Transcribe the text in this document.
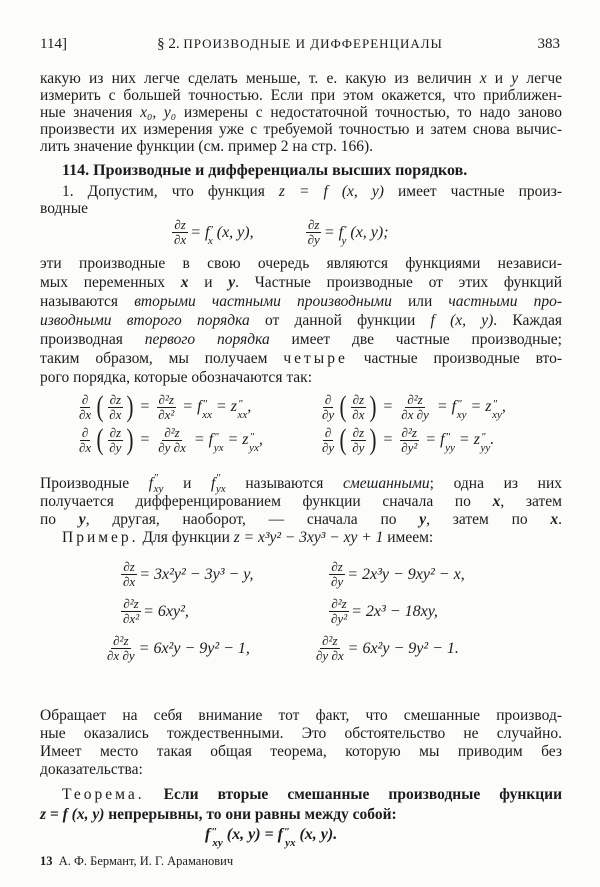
114]	§ 2. ПРОИЗВОДНЫЕ И ДИФФЕРЕНЦИАЛЫ	383
какую из них легче сделать меньше, т. е. какую из величин x и y легче
измерить с большей точностью. Если при этом окажется, что приближен-
ные значения x₀, y₀ измерены с недостаточной точностью, то надо заново
произвести их измерения уже с требуемой точностью и затем снова вычис-
лить значение функции (см. пример 2 на стр. 166).
114. Производные и дифференциалы высших порядков.
1. Допустим, что функция z = f (x, y) имеет частные произ-
водные
$\frac{\partial z}{\partial x} = f$ ′
x (x, y),	$\frac{\partial z}{\partial y} = f$ ′
y (x, y);
эти производные в свою очередь являются функциями независи-
мых переменных x и y. Частные производные от этих функций
называются вторыми частными производными или частными про-
изводными второго порядка от данной функции f (x, y). Каждая
производная первого порядка имеет две частные производные;
таким образом, мы получаем четыре частные производные вто-
рого порядка, которые обозначаются так:
∂
∂x ( $\frac{\partial z}{\partial x}$ ) = $\frac{\text{∂²z}}{\text{∂x²}} = f$ ″
xx = z ″
xx ,	∂
∂y ( $\frac{\partial z}{\partial x}$ ) = $\frac{\text{∂²z}}{\partial x \partial y} = f$ ″
xy = z ″
xy ,
∂
∂x ( $\frac{\partial z}{\partial y}$ ) = $\frac{\text{∂²z}}{\partial y \partial x} = f$ ″
yx = z ″
yx ,	∂
∂y ( $\frac{\partial z}{\partial y}$ ) = $\frac{\text{∂²z}}{\text{∂y²}} = f$ ″
yy = z ″
yy .
Производные f ″
xy и f ″
yx называются смешанными; одна из них
получается дифференцированием функции сначала по x, затем
по y, другая, наоборот, — сначала по y, затем по x.
Пример. Для функции z = x³y² − 3xy³ − xy + 1 имеем:
$\frac{\partial z}{\partial x} = 3x^2y^2 - 3y^3 - y$,	$\frac{\partial z}{\partial y} = 2x^3y - 9xy^2 - x$,
$\frac{\text{∂²z}}{\text{∂x²}} = 6xy^2$,	$\frac{\text{∂²z}}{\text{∂y²}} = 2x^3 - 18xy$,
$\frac{\text{∂²z}}{\partial x \partial y} = 6x^2y - 9y^2 - 1$,	$\frac{\text{∂²z}}{\partial y \partial x} = 6x^2y - 9y^2 - 1$.
Обращает на себя внимание тот факт, что смешанные производ-
ные оказались тождественными. Это обстоятельство не случайно.
Имеет место такая общая теорема, которую мы приводим без
доказательства:
Теорема. Если вторые смешанные производные функции
z = f (x, y) непрерывны, то они равны между собой:
f ″
xy (x, y) = f ″
yx (x, y).
13 А. Ф. Бермант, И. Г. Араманович
